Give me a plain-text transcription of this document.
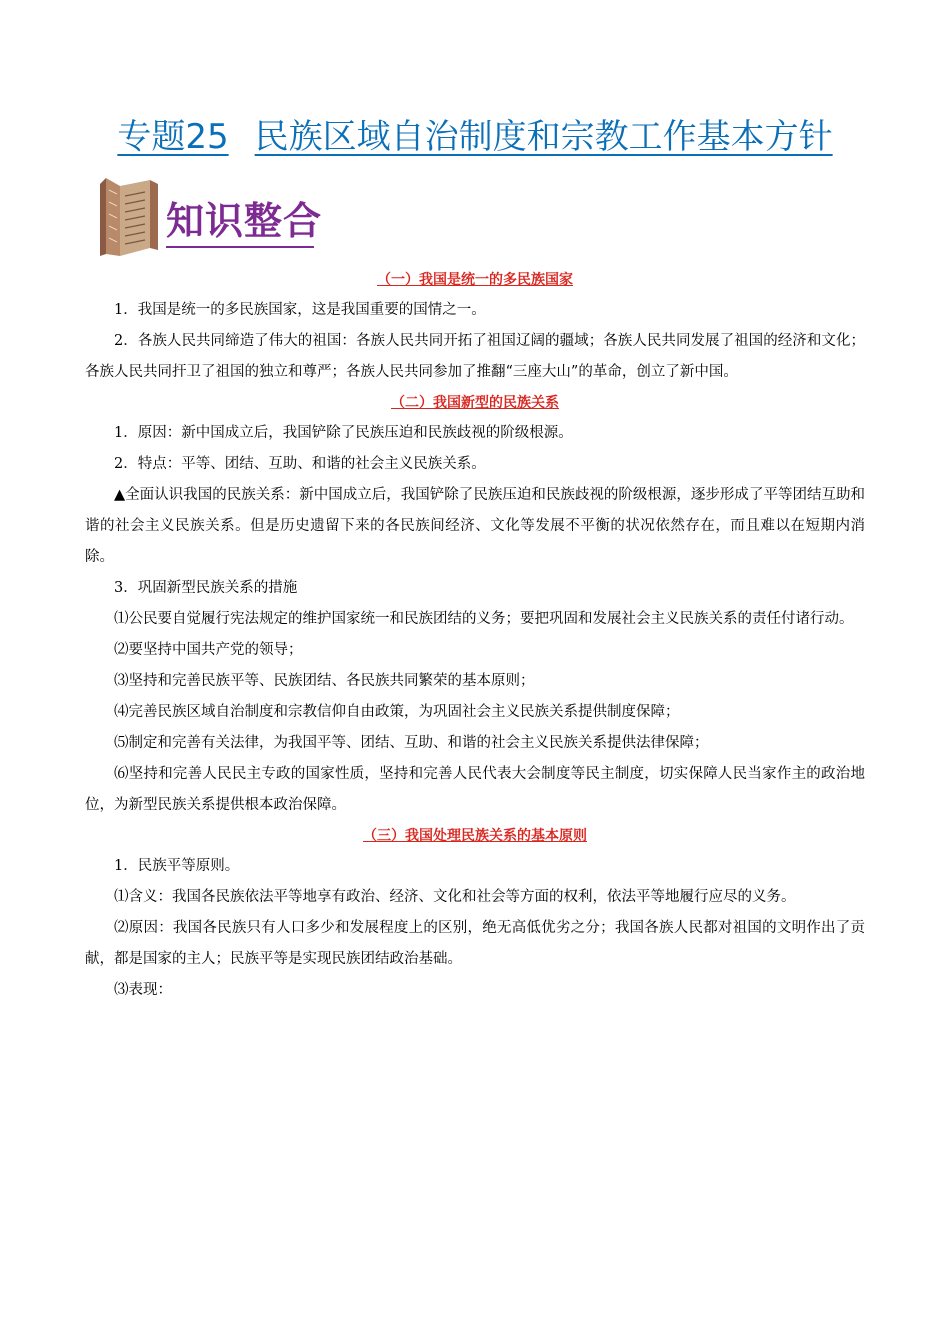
专题25 民族区域自治制度和宗教工作基本方针
知识整合

（一）我国是统一的多民族国家

1．我国是统一的多民族国家，这是我国重要的国情之一。

2．各族人民共同缔造了伟大的祖国：各族人民共同开拓了祖国辽阔的疆域；各族人民共同发展了祖国的经济和文化；各族人民共同扞卫了祖国的独立和尊严；各族人民共同参加了推翻“三座大山”的革命，创立了新中国。

（二）我国新型的民族关系

1．原因：新中国成立后，我国铲除了民族压迫和民族歧视的阶级根源。

2．特点：平等、团结、互助、和谐的社会主义民族关系。

▲全面认识我国的民族关系：新中国成立后，我国铲除了民族压迫和民族歧视的阶级根源，逐步形成了平等团结互助和谐的社会主义民族关系。但是历史遗留下来的各民族间经济、文化等发展不平衡的状况依然存在，而且难以在短期内消除。

3．巩固新型民族关系的措施

⑴公民要自觉履行宪法规定的维护国家统一和民族团结的义务；要把巩固和发展社会主义民族关系的责任付诸行动。

⑵要坚持中国共产党的领导；

⑶坚持和完善民族平等、民族团结、各民族共同繁荣的基本原则；

⑷完善民族区域自治制度和宗教信仰自由政策，为巩固社会主义民族关系提供制度保障；

⑸制定和完善有关法律，为我国平等、团结、互助、和谐的社会主义民族关系提供法律保障；

⑹坚持和完善人民民主专政的国家性质，坚持和完善人民代表大会制度等民主制度，切实保障人民当家作主的政治地位，为新型民族关系提供根本政治保障。

（三）我国处理民族关系的基本原则

1．民族平等原则。

⑴含义：我国各民族依法平等地享有政治、经济、文化和社会等方面的权利，依法平等地履行应尽的义务。

⑵原因：我国各民族只有人口多少和发展程度上的区别，绝无高低优劣之分；我国各族人民都对祖国的文明作出了贡献，都是国家的主人；民族平等是实现民族团结政治基础。

⑶表现：
